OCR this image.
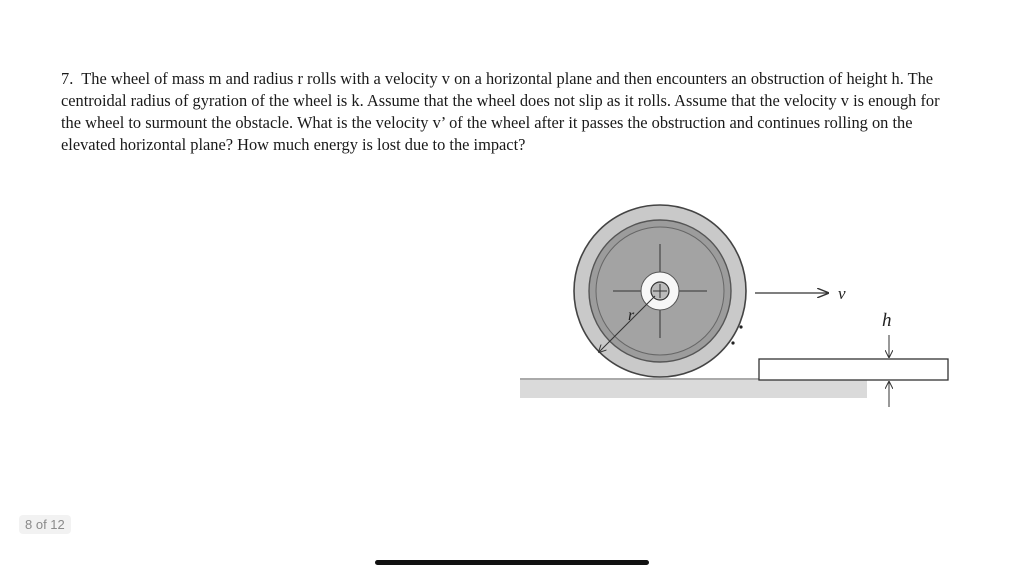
7. The wheel of mass m and radius r rolls with a velocity v on a horizontal plane and then encounters an obstruction of height h. The centroidal radius of gyration of the wheel is k. Assume that the wheel does not slip as it rolls. Assume that the velocity v is enough for the wheel to surmount the obstacle. What is the velocity v’ of the wheel after it passes the obstruction and continues rolling on the elevated horizontal plane? How much energy is lost due to the impact?
r
v
h
8 of 12
